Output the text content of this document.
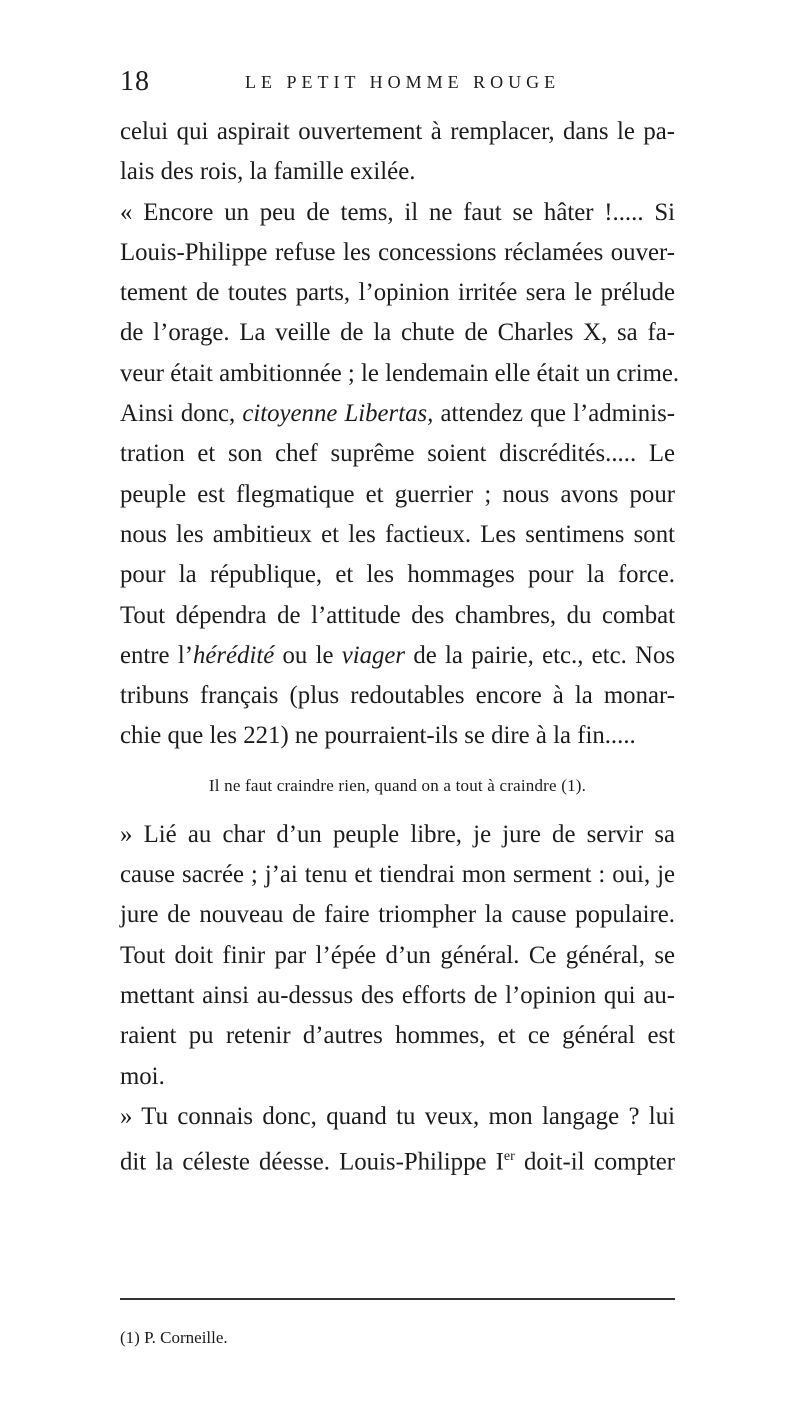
18	LE PETIT HOMME ROUGE
celui qui aspirait ouvertement à remplacer, dans le pa-
lais des rois, la famille exilée.
« Encore un peu de tems, il ne faut se hâter !..... Si
Louis-Philippe refuse les concessions réclamées ouver-
tement de toutes parts, l’opinion irritée sera le prélude
de l’orage. La veille de la chute de Charles X, sa fa-
veur était ambitionnée ; le lendemain elle était un crime.
Ainsi donc, citoyenne Libertas, attendez que l’adminis-
tration et son chef suprême soient discrédités..... Le
peuple est flegmatique et guerrier ; nous avons pour
nous les ambitieux et les factieux. Les sentimens sont
pour la république, et les hommages pour la force.
Tout dépendra de l’attitude des chambres, du combat
entre l’hérédité ou le viager de la pairie, etc., etc. Nos
tribuns français (plus redoutables encore à la monar-
chie que les 221) ne pourraient-ils se dire à la fin.....
Il ne faut craindre rien, quand on a tout à craindre (1).
» Lié au char d’un peuple libre, je jure de servir sa
cause sacrée ; j’ai tenu et tiendrai mon serment : oui, je
jure de nouveau de faire triompher la cause populaire.
Tout doit finir par l’épée d’un général. Ce général, se
mettant ainsi au-dessus des efforts de l’opinion qui au-
raient pu retenir d’autres hommes, et ce général est
moi.
» Tu connais donc, quand tu veux, mon langage ? lui
dit la céleste déesse. Louis-Philippe Ier doit-il compter
(1) P. Corneille.
